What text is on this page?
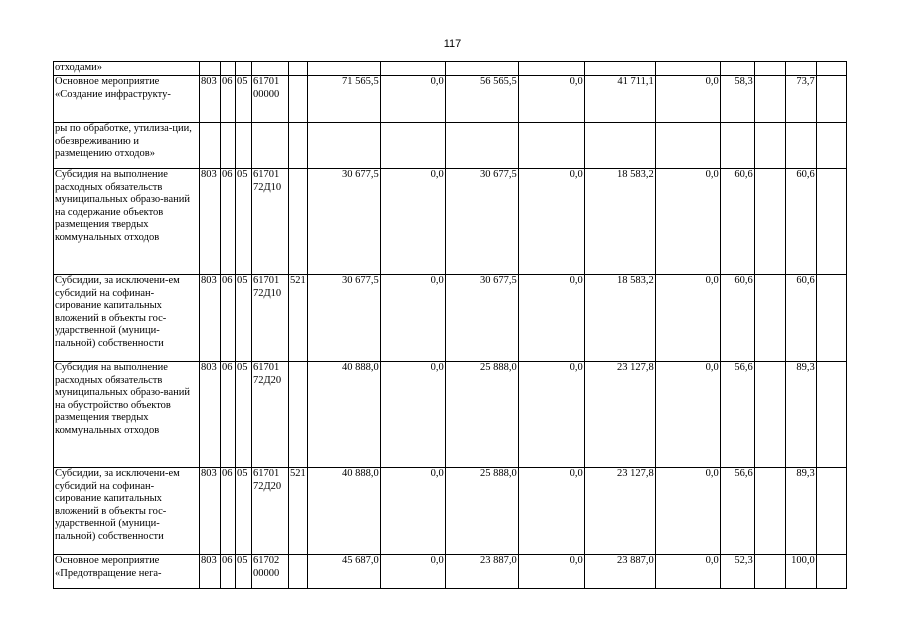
117
отходами»															
Основное мероприятие «Создание инфраструкту-	803	06	05	61701 00000		71 565,5	0,0	56 565,5	0,0	41 711,1	0,0	58,3		73,7	
ры по обработке, утилиза-ции, обезвреживанию и размещению отходов»															
Субсидия на выполнение расходных обязательств муниципальных образо-ваний на содержание объектов размещения твердых коммунальных отходов	803	06	05	61701 72Д10		30 677,5	0,0	30 677,5	0,0	18 583,2	0,0	60,6		60,6	
Субсидии, за исключени-ем субсидий на софинан-сирование капитальных вложений в объекты гос-ударственной (муници-пальной) собственности	803	06	05	61701 72Д10	521	30 677,5	0,0	30 677,5	0,0	18 583,2	0,0	60,6		60,6	
Субсидия на выполнение расходных обязательств муниципальных образо-ваний на обустройство объектов размещения твердых коммунальных отходов	803	06	05	61701 72Д20		40 888,0	0,0	25 888,0	0,0	23 127,8	0,0	56,6		89,3	
Субсидии, за исключени-ем субсидий на софинан-сирование капитальных вложений в объекты гос-ударственной (муници-пальной) собственности	803	06	05	61701 72Д20	521	40 888,0	0,0	25 888,0	0,0	23 127,8	0,0	56,6		89,3	
Основное мероприятие «Предотвращение нега-	803	06	05	61702 00000		45 687,0	0,0	23 887,0	0,0	23 887,0	0,0	52,3		100,0	
